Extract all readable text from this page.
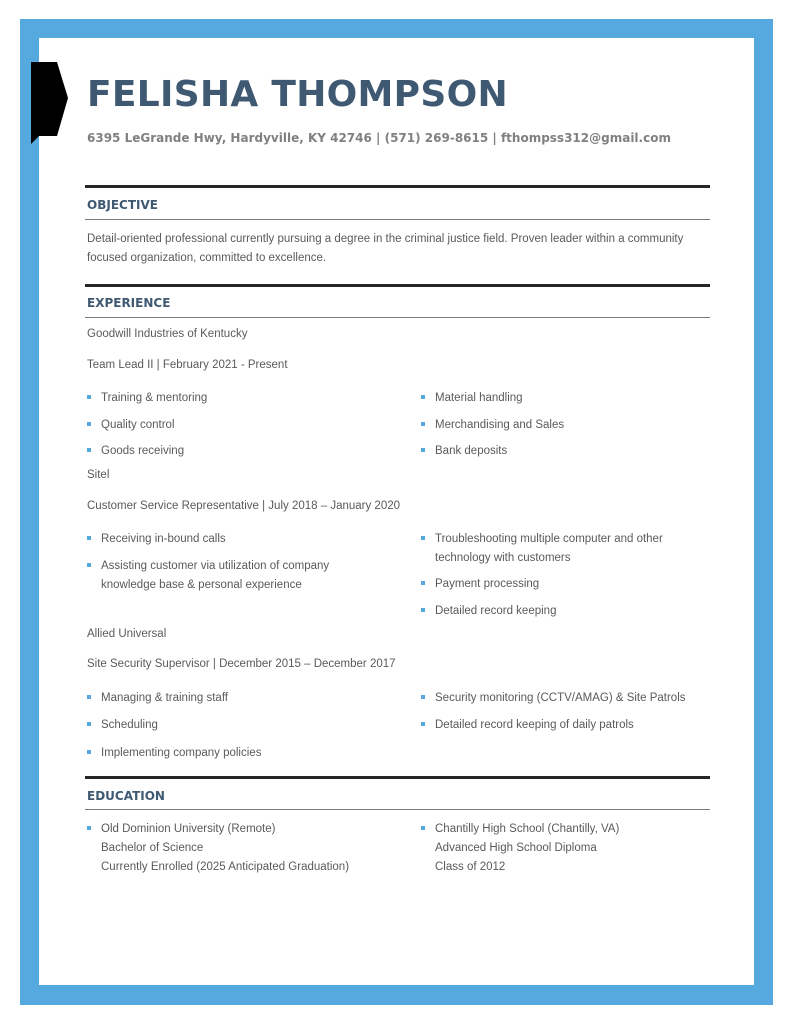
FELISHA THOMPSON
6395 LeGrande Hwy, Hardyville, KY 42746 | (571) 269-8615 | fthompss312@gmail.com
OBJECTIVE
Detail-oriented professional currently pursuing a degree in the criminal justice field. Proven leader within a community focused organization, committed to excellence.
EXPERIENCE
Goodwill Industries of Kentucky
Team Lead II | February 2021 - Present
Training & mentoring
Quality control
Goods receiving
Material handling
Merchandising and Sales
Bank deposits
Sitel
Customer Service Representative | July 2018 – January 2020
Receiving in-bound calls
Assisting customer via utilization of company
knowledge base & personal experience
Troubleshooting multiple computer and other
technology with customers
Payment processing
Detailed record keeping
Allied Universal
Site Security Supervisor | December 2015 – December 2017
Managing & training staff
Scheduling
Implementing company policies
Security monitoring (CCTV/AMAG) & Site Patrols
Detailed record keeping of daily patrols
EDUCATION
Old Dominion University (Remote)
Bachelor of Science
Currently Enrolled (2025 Anticipated Graduation)
Chantilly High School (Chantilly, VA)
Advanced High School Diploma
Class of 2012
